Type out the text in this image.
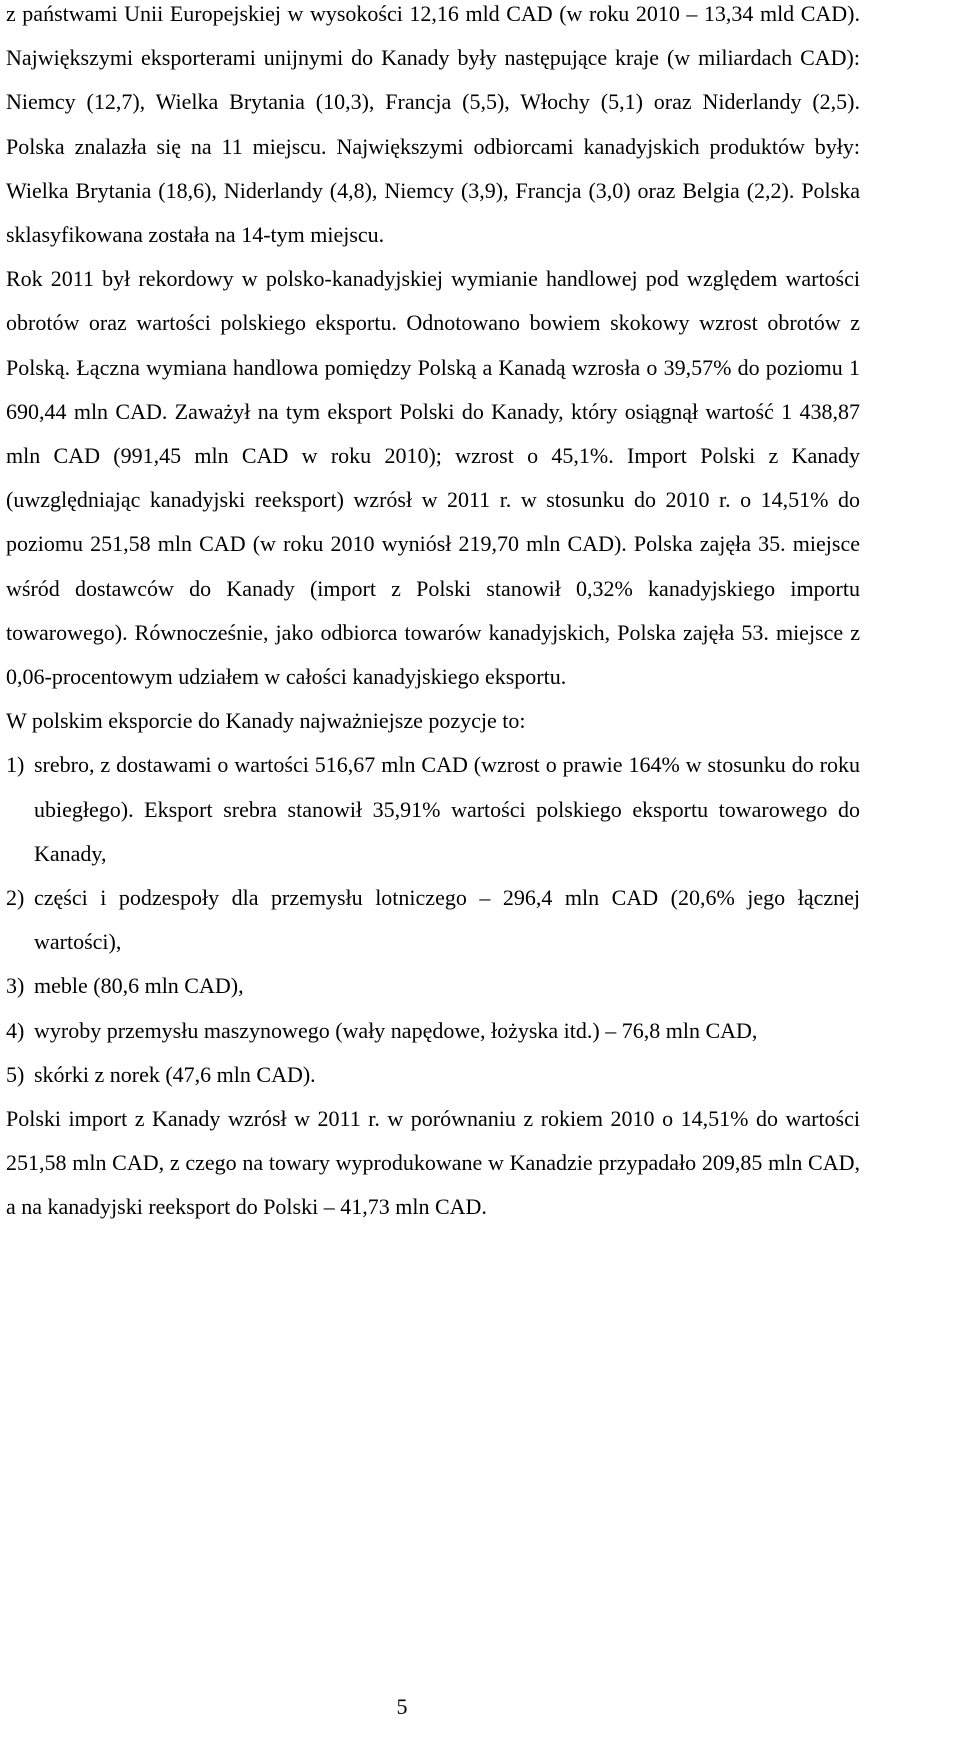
z państwami Unii Europejskiej w wysokości 12,16 mld CAD (w roku 2010 – 13,34 mld CAD). Największymi eksporterami unijnymi do Kanady były następujące kraje (w miliardach CAD): Niemcy (12,7), Wielka Brytania (10,3), Francja (5,5), Włochy (5,1) oraz Niderlandy (2,5). Polska znalazła się na 11 miejscu. Największymi odbiorcami kanadyjskich produktów były: Wielka Brytania (18,6), Niderlandy (4,8), Niemcy (3,9), Francja (3,0) oraz Belgia (2,2). Polska sklasyfikowana została na 14-tym miejscu.

Rok 2011 był rekordowy w polsko-kanadyjskiej wymianie handlowej pod względem wartości obrotów oraz wartości polskiego eksportu. Odnotowano bowiem skokowy wzrost obrotów z Polską. Łączna wymiana handlowa pomiędzy Polską a Kanadą wzrosła o 39,57% do poziomu 1 690,44 mln CAD. Zaważył na tym eksport Polski do Kanady, który osiągnął wartość 1 438,87 mln CAD (991,45 mln CAD w roku 2010); wzrost o 45,1%. Import Polski z Kanady (uwzględniając kanadyjski reeksport) wzrósł w 2011 r. w stosunku do 2010 r. o 14,51% do poziomu 251,58 mln CAD (w roku 2010 wyniósł 219,70 mln CAD). Polska zajęła 35. miejsce wśród dostawców do Kanady (import z Polski stanowił 0,32% kanadyjskiego importu towarowego). Równocześnie, jako odbiorca towarów kanadyjskich, Polska zajęła 53. miejsce z 0,06-procentowym udziałem w całości kanadyjskiego eksportu.

W polskim eksporcie do Kanady najważniejsze pozycje to:

1) srebro, z dostawami o wartości 516,67 mln CAD (wzrost o prawie 164% w stosunku do roku ubiegłego). Eksport srebra stanowił 35,91% wartości polskiego eksportu towarowego do Kanady,
2) części i podzespoły dla przemysłu lotniczego – 296,4 mln CAD (20,6% jego łącznej wartości),
3) meble (80,6 mln CAD),
4) wyroby przemysłu maszynowego (wały napędowe, łożyska itd.) – 76,8 mln CAD,
5) skórki z norek (47,6 mln CAD).

Polski import z Kanady wzrósł w 2011 r. w porównaniu z rokiem 2010 o 14,51% do wartości 251,58 mln CAD, z czego na towary wyprodukowane w Kanadzie przypadało 209,85 mln CAD, a na kanadyjski reeksport do Polski – 41,73 mln CAD.

5
